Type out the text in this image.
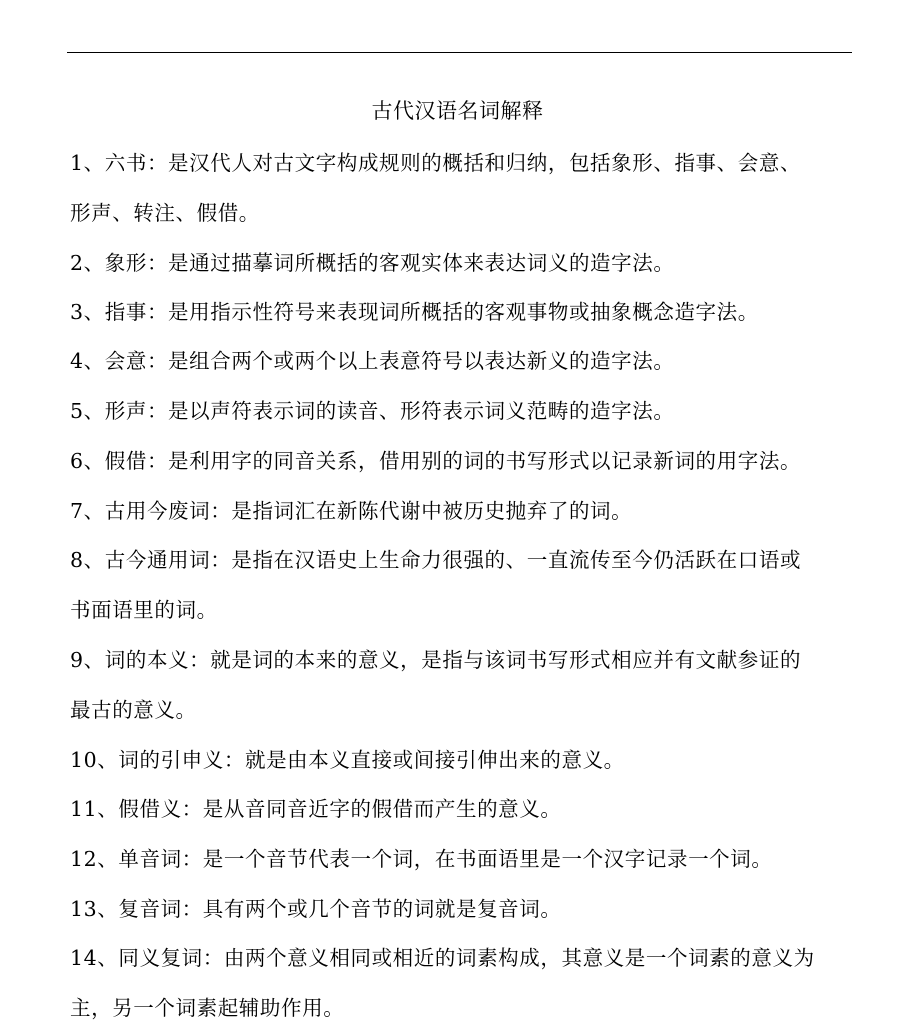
古代汉语名词解释
1、六书：是汉代人对古文字构成规则的概括和归纳，包括象形、指事、会意、
形声、转注、假借。
2、象形：是通过描摹词所概括的客观实体来表达词义的造字法。
3、指事：是用指示性符号来表现词所概括的客观事物或抽象概念造字法。
4、会意：是组合两个或两个以上表意符号以表达新义的造字法。
5、形声：是以声符表示词的读音、形符表示词义范畴的造字法。
6、假借：是利用字的同音关系，借用别的词的书写形式以记录新词的用字法。
7、古用今废词：是指词汇在新陈代谢中被历史抛弃了的词。
8、古今通用词：是指在汉语史上生命力很强的、一直流传至今仍活跃在口语或
书面语里的词。
9、词的本义：就是词的本来的意义，是指与该词书写形式相应并有文献参证的
最古的意义。
10、词的引申义：就是由本义直接或间接引伸出来的意义。
11、假借义：是从音同音近字的假借而产生的意义。
12、单音词：是一个音节代表一个词，在书面语里是一个汉字记录一个词。
13、复音词：具有两个或几个音节的词就是复音词。
14、同义复词：由两个意义相同或相近的词素构成，其意义是一个词素的意义为
主，另一个词素起辅助作用。
